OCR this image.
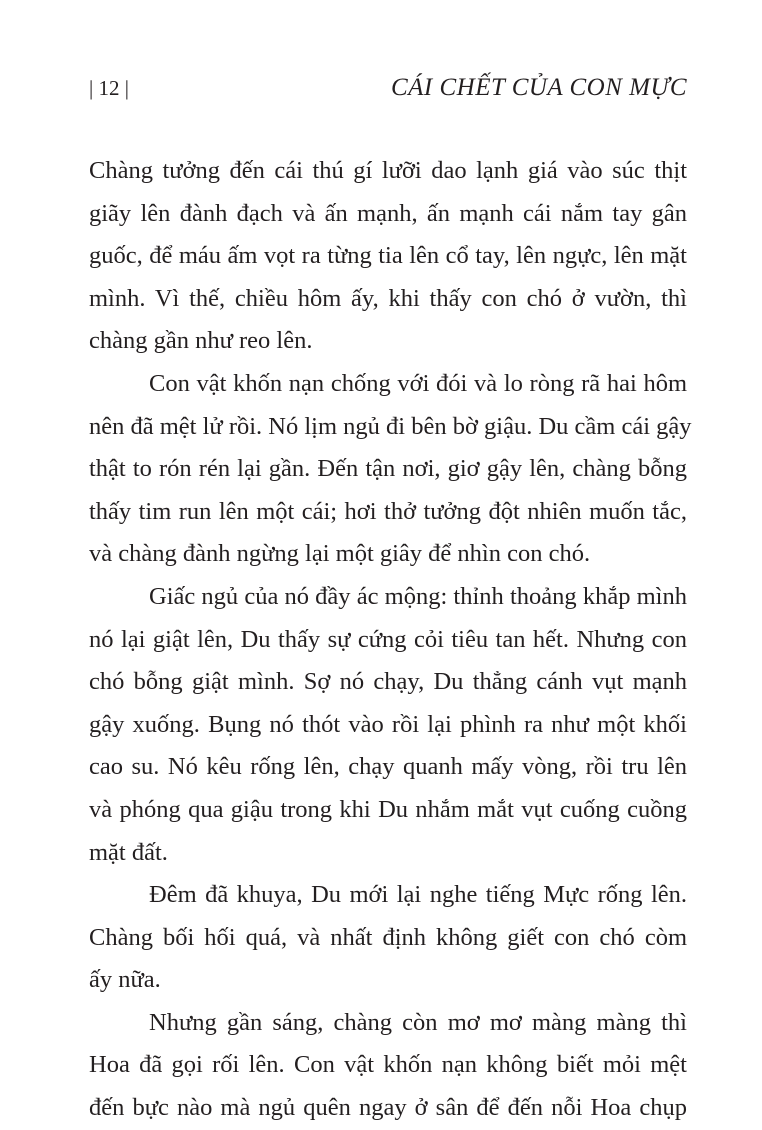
| 12 |	CÁI CHẾT CỦA CON MỰC
Chàng tưởng đến cái thú gí lưỡi dao lạnh giá vào súc thịt
giãy lên đành đạch và ấn mạnh, ấn mạnh cái nắm tay gân
guốc, để máu ấm vọt ra từng tia lên cổ tay, lên ngực, lên mặt
mình. Vì thế, chiều hôm ấy, khi thấy con chó ở vườn, thì
chàng gần như reo lên.
Con vật khốn nạn chống với đói và lo ròng rã hai hôm
nên đã mệt lử rồi. Nó lịm ngủ đi bên bờ giậu. Du cầm cái gậy
thật to rón rén lại gần. Đến tận nơi, giơ gậy lên, chàng bỗng
thấy tim run lên một cái; hơi thở tưởng đột nhiên muốn tắc,
và chàng đành ngừng lại một giây để nhìn con chó.
Giấc ngủ của nó đầy ác mộng: thỉnh thoảng khắp mình
nó lại giật lên, Du thấy sự cứng cỏi tiêu tan hết. Nhưng con
chó bỗng giật mình. Sợ nó chạy, Du thẳng cánh vụt mạnh
gậy xuống. Bụng nó thót vào rồi lại phình ra như một khối
cao su. Nó kêu rống lên, chạy quanh mấy vòng, rồi tru lên
và phóng qua giậu trong khi Du nhắm mắt vụt cuống cuồng
mặt đất.
Đêm đã khuya, Du mới lại nghe tiếng Mực rống lên.
Chàng bối hối quá, và nhất định không giết con chó còm
ấy nữa.
Nhưng gần sáng, chàng còn mơ mơ màng màng thì
Hoa đã gọi rối lên. Con vật khốn nạn không biết mỏi mệt
đến bực nào mà ngủ quên ngay ở sân để đến nỗi Hoa chụp
